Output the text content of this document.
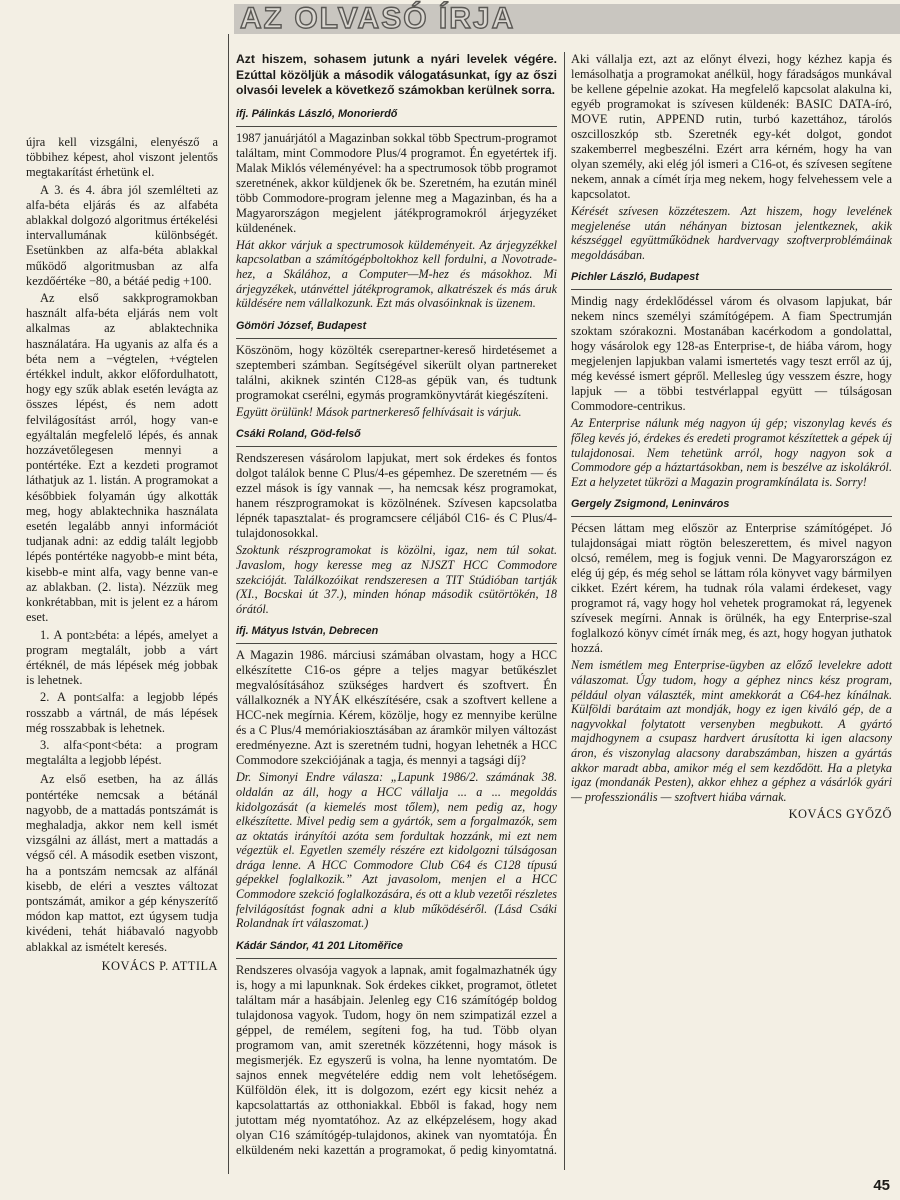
AZ OLVASÓ ÍRJA

újra kell vizsgálni, elenyésző a többihez képest, ahol viszont jelentős megtakarítást érhetünk el.

A 3. és 4. ábra jól szemlélteti az alfa-béta eljárás és az alfabéta ablakkal dolgozó algoritmus értékelési intervallumának különbségét. Esetünkben az alfa-béta ablakkal működő algoritmusban az alfa kezdőértéke −80, a bétáé pedig +100.

Az első sakkprogramokban használt alfa-béta eljárás nem volt alkalmas az ablaktechnika használatára. Ha ugyanis az alfa és a béta nem a −végtelen, +végtelen értékkel indult, akkor előfordulhatott, hogy egy szűk ablak esetén levágta az összes lépést, és nem adott felvilágosítást arról, hogy van-e egyáltalán megfelelő lépés, és annak hozzávetőlegesen mennyi a pontértéke. Ezt a kezdeti programot láthatjuk az 1. listán. A programokat a későbbiek folyamán úgy alkották meg, hogy ablaktechnika használata esetén legalább annyi információt tudjanak adni: az eddig talált legjobb lépés pontértéke nagyobb-e mint béta, kisebb-e mint alfa, vagy benne van-e az ablakban. (2. lista). Nézzük meg konkrétabban, mit is jelent ez a három eset.

1. A pont≥béta: a lépés, amelyet a program megtalált, jobb a várt értéknél, de más lépések még jobbak is lehetnek.
2. A pont≤alfa: a legjobb lépés rosszabb a vártnál, de más lépések még rosszabbak is lehetnek.
3. alfa<pont<béta: a program megtalálta a legjobb lépést.

Az első esetben, ha az állás pontértéke nemcsak a bétánál nagyobb, de a mattadás pontszámát is meghaladja, akkor nem kell ismét vizsgálni az állást, mert a mattadás a végső cél. A második esetben viszont, ha a pontszám nemcsak az alfánál kisebb, de eléri a vesztes változat pontszámát, amikor a gép kényszerítő módon kap mattot, ezt úgysem tudja kivédeni, tehát hiábavaló nagyobb ablakkal az ismételt keresés.

KOVÁCS P. ATTILA

Azt hiszem, sohasem jutunk a nyári levelek végére. Ezúttal közöljük a második válogatásunkat, így az őszi olvasói levelek a következő számokban kerülnek sorra.

ifj. Pálinkás László, Monorierdő

1987 januárjától a Magazinban sokkal több Spectrum-programot találtam, mint Commodore Plus/4 programot. Én egyetértek ifj. Malak Miklós véleményével: ha a spectrumosok több programot szeretnének, akkor küldjenek ők be. Szeretném, ha ezután minél több Commodore-program jelenne meg a Magazinban, és ha a Magyarországon megjelent játékprogramokról árjegyzéket küldenének.

Hát akkor várjuk a spectrumosok küldeményeit. Az árjegyzékkel kapcsolatban a számítógépboltokhoz kell fordulni, a Novotrade-hez, a Skálához, a Computer—M-hez és másokhoz. Mi árjegyzékek, utánvéttel játékprogramok, alkatrészek és más áruk küldésére nem vállalkozunk. Ezt más olvasóinknak is üzenem.

Gömöri József, Budapest

Köszönöm, hogy közölték cserepartner-kereső hirdetésemet a szeptemberi számban. Segítségével sikerült olyan partnereket találni, akiknek szintén C128-as gépük van, és tudtunk programokat cserélni, egymás programkönyvtárát kiegészíteni.

Együtt örülünk! Mások partnerkereső felhívásait is várjuk.

Csáki Roland, Göd-felső

Rendszeresen vásárolom lapjukat, mert sok érdekes és fontos dolgot találok benne C Plus/4-es gépemhez. De szeretném — és ezzel mások is így vannak —, ha nemcsak kész programokat, hanem részprogramokat is közölnének. Szívesen kapcsolatba lépnék tapasztalat- és programcsere céljából C16- és C Plus/4-tulajdonosokkal.

Szoktunk részprogramokat is közölni, igaz, nem túl sokat. Javaslom, hogy keresse meg az NJSZT HCC Commodore szekcióját. Találkozóikat rendszeresen a TIT Stúdióban tartják (XI., Bocskai út 37.), minden hónap második csütörtökén, 18 órától.

ifj. Mátyus István, Debrecen

A Magazin 1986. márciusi számában olvastam, hogy a HCC elkészítette C16-os gépre a teljes magyar betűkészlet megvalósításához szükséges hardvert és szoftvert. Én vállalkoznék a NYÁK elkészítésére, csak a szoftvert kellene a HCC-nek megírnia. Kérem, közölje, hogy ez mennyibe kerülne és a C Plus/4 memóriakiosztásában az áramkör milyen változást eredményezne. Azt is szeretném tudni, hogyan lehetnék a HCC Commodore szekciójának a tagja, és mennyi a tagsági díj?

Dr. Simonyi Endre válasza: „Lapunk 1986/2. számának 38. oldalán az áll, hogy a HCC vállalja ... a ... megoldás kidolgozását (a kiemelés most tőlem), nem pedig az, hogy elkészítette. Mivel pedig sem a gyártók, sem a forgalmazók, sem az oktatás irányítói azóta sem fordultak hozzánk, mi ezt nem végeztük el. Egyetlen személy részére ezt kidolgozni túlságosan drága lenne. A HCC Commodore Club C64 és C128 típusú gépekkel foglalkozik.” Azt javasolom, menjen el a HCC Commodore szekció foglalkozására, és ott a klub vezetői részletes felvilágosítást fognak adni a klub működéséről. (Lásd Csáki Rolandnak írt válaszomat.)

Kádár Sándor, 41 201 Litoměřice

Rendszeres olvasója vagyok a lapnak, amit fogalmazhatnék úgy is, hogy a mi lapunknak. Sok érdekes cikket, programot, ötletet találtam már a hasábjain. Jelenleg egy C16 számítógép boldog tulajdonosa vagyok. Tudom, hogy ön nem szimpatizál ezzel a géppel, de remélem, segíteni fog, ha tud. Több olyan programom van, amit szeretnék közzétenni, hogy mások is megismerjék. Ez egyszerű is volna, ha lenne nyomtatóm. De sajnos ennek megvételére eddig nem volt lehetőségem. Külföldön élek, itt is dolgozom, ezért egy kicsit nehéz a kapcsolattartás az otthoniakkal. Ebből is fakad, hogy nem jutottam még nyomtatóhoz. Az az elképzelésem, hogy akad olyan C16 számítógép-tulajdonos, akinek van nyomtatója. Én elküldeném neki kazettán a programokat, ő pedig kinyomtatná. Aki vállalja ezt, azt az előnyt élvezi, hogy kézhez kapja és lemásolhatja a programokat anélkül, hogy fáradságos munkával be kellene gépelnie azokat. Ha megfelelő kapcsolat alakulna ki, egyéb programokat is szívesen küldenék: BASIC DATA-író, MOVE rutin, APPEND rutin, turbó kazettához, tárolós oszcilloszkóp stb. Szeretnék egy-két dolgot, gondot szakemberrel megbeszélni. Ezért arra kérném, hogy ha van olyan személy, aki elég jól ismeri a C16-ot, és szívesen segítene nekem, annak a címét írja meg nekem, hogy felvehessem vele a kapcsolatot.

Kérését szívesen közzéteszem. Azt hiszem, hogy levelének megjelenése után néhányan biztosan jelentkeznek, akik készséggel együttműködnek hardvervagy szoftverproblémáinak megoldásában.

Pichler László, Budapest

Mindig nagy érdeklődéssel várom és olvasom lapjukat, bár nekem nincs személyi számítógépem. A fiam Spectrumján szoktam szórakozni. Mostanában kacérkodom a gondolattal, hogy vásárolok egy 128-as Enterprise-t, de hiába várom, hogy megjelenjen lapjukban valami ismertetés vagy teszt erről az új, még kevéssé ismert gépről. Mellesleg úgy vesszem észre, hogy lapjuk — a többi testvérlappal együtt — túlságosan Commodore-centrikus.

Az Enterprise nálunk még nagyon új gép; viszonylag kevés és főleg kevés jó, érdekes és eredeti programot készítettek a gépek új tulajdonosai. Nem tehetünk arról, hogy nagyon sok a Commodore gép a háztartásokban, nem is beszélve az iskolákról. Ezt a helyzetet tükrözi a Magazin programkínálata is. Sorry!

Gergely Zsigmond, Leninváros

Pécsen láttam meg először az Enterprise számítógépet. Jó tulajdonságai miatt rögtön beleszerettem, és mivel nagyon olcsó, remélem, meg is fogjuk venni. De Magyarországon ez elég új gép, és még sehol se láttam róla könyvet vagy bármilyen cikket. Ezért kérem, ha tudnak róla valami érdekeset, vagy programot rá, vagy hogy hol vehetek programokat rá, legyenek szívesek megírni. Annak is örülnék, ha egy Enterprise-szal foglalkozó könyv címét írnák meg, és azt, hogy hogyan juthatok hozzá.

Nem ismétlem meg Enterprise-ügyben az előző levelekre adott válaszomat. Úgy tudom, hogy a géphez nincs kész program, például olyan választék, mint amekkorát a C64-hez kínálnak. Külföldi barátaim azt mondják, hogy ez igen kiváló gép, de a nagyvokkal folytatott versenyben megbukott. A gyártó majdhogynem a csupasz hardvert árusította ki igen alacsony áron, és viszonylag alacsony darabszámban, hiszen a gyártás akkor maradt abba, amikor még el sem kezdődött. Ha a pletyka igaz (mondanák Pesten), akkor ehhez a géphez a vásárlók gyári — professzionális — szoftvert hiába várnak.

KOVÁCS GYŐZŐ
45
